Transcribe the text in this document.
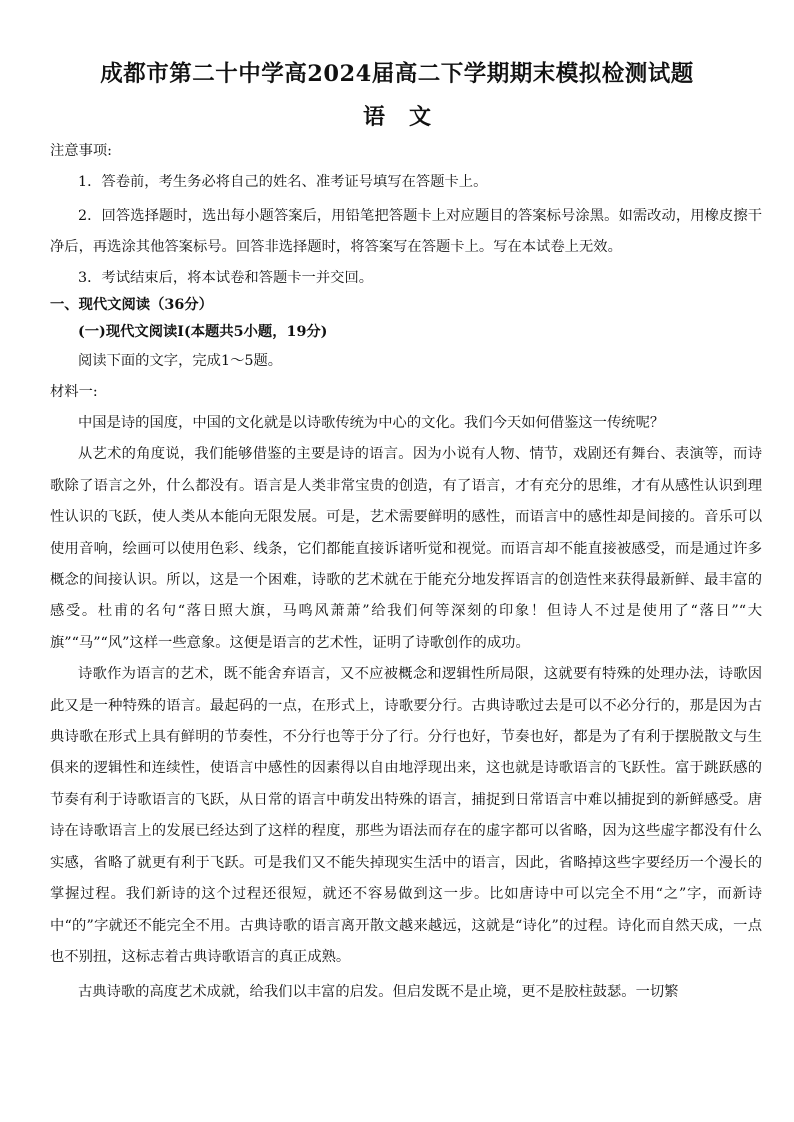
成都市第二十中学高2024届高二下学期期末模拟检测试题
语文

注意事项:

1．答卷前，考生务必将自己的姓名、准考证号填写在答题卡上。

2．回答选择题时，选出每小题答案后，用铅笔把答题卡上对应题目的答案标号涂黑。如需改动，用橡皮擦干净后，再选涂其他答案标号。回答非选择题时，将答案写在答题卡上。写在本试卷上无效。

3．考试结束后，将本试卷和答题卡一并交回。

一、现代文阅读（36分）

(一)现代文阅读Ⅰ(本题共5小题，19分)

阅读下面的文字，完成1～5题。

材料一:

中国是诗的国度，中国的文化就是以诗歌传统为中心的文化。我们今天如何借鉴这一传统呢？

从艺术的角度说，我们能够借鉴的主要是诗的语言。因为小说有人物、情节，戏剧还有舞台、表演等，而诗歌除了语言之外，什么都没有。语言是人类非常宝贵的创造，有了语言，才有充分的思维，才有从感性认识到理性认识的飞跃，使人类从本能向无限发展。可是，艺术需要鲜明的感性，而语言中的感性却是间接的。音乐可以使用音响，绘画可以使用色彩、线条，它们都能直接诉诸听觉和视觉。而语言却不能直接被感受，而是通过许多概念的间接认识。所以，这是一个困难，诗歌的艺术就在于能充分地发挥语言的创造性来获得最新鲜、最丰富的感受。杜甫的名句“落日照大旗，马鸣风萧萧”给我们何等深刻的印象！但诗人不过是使用了“落日”“大旗”“马”“风”这样一些意象。这便是语言的艺术性，证明了诗歌创作的成功。

诗歌作为语言的艺术，既不能舍弃语言，又不应被概念和逻辑性所局限，这就要有特殊的处理办法，诗歌因此又是一种特殊的语言。最起码的一点，在形式上，诗歌要分行。古典诗歌过去是可以不必分行的，那是因为古典诗歌在形式上具有鲜明的节奏性，不分行也等于分了行。分行也好，节奏也好，都是为了有利于摆脱散文与生俱来的逻辑性和连续性，使语言中感性的因素得以自由地浮现出来，这也就是诗歌语言的飞跃性。富于跳跃感的节奏有利于诗歌语言的飞跃，从日常的语言中萌发出特殊的语言，捕捉到日常语言中难以捕捉到的新鲜感受。唐诗在诗歌语言上的发展已经达到了这样的程度，那些为语法而存在的虚字都可以省略，因为这些虚字都没有什么实感，省略了就更有利于飞跃。可是我们又不能失掉现实生活中的语言，因此，省略掉这些字要经历一个漫长的掌握过程。我们新诗的这个过程还很短，就还不容易做到这一步。比如唐诗中可以完全不用“之”字，而新诗中“的”字就还不能完全不用。古典诗歌的语言离开散文越来越远，这就是“诗化”的过程。诗化而自然天成，一点也不别扭，这标志着古典诗歌语言的真正成熟。

古典诗歌的高度艺术成就，给我们以丰富的启发。但启发既不是止境，更不是胶柱鼓瑟。一切繁
